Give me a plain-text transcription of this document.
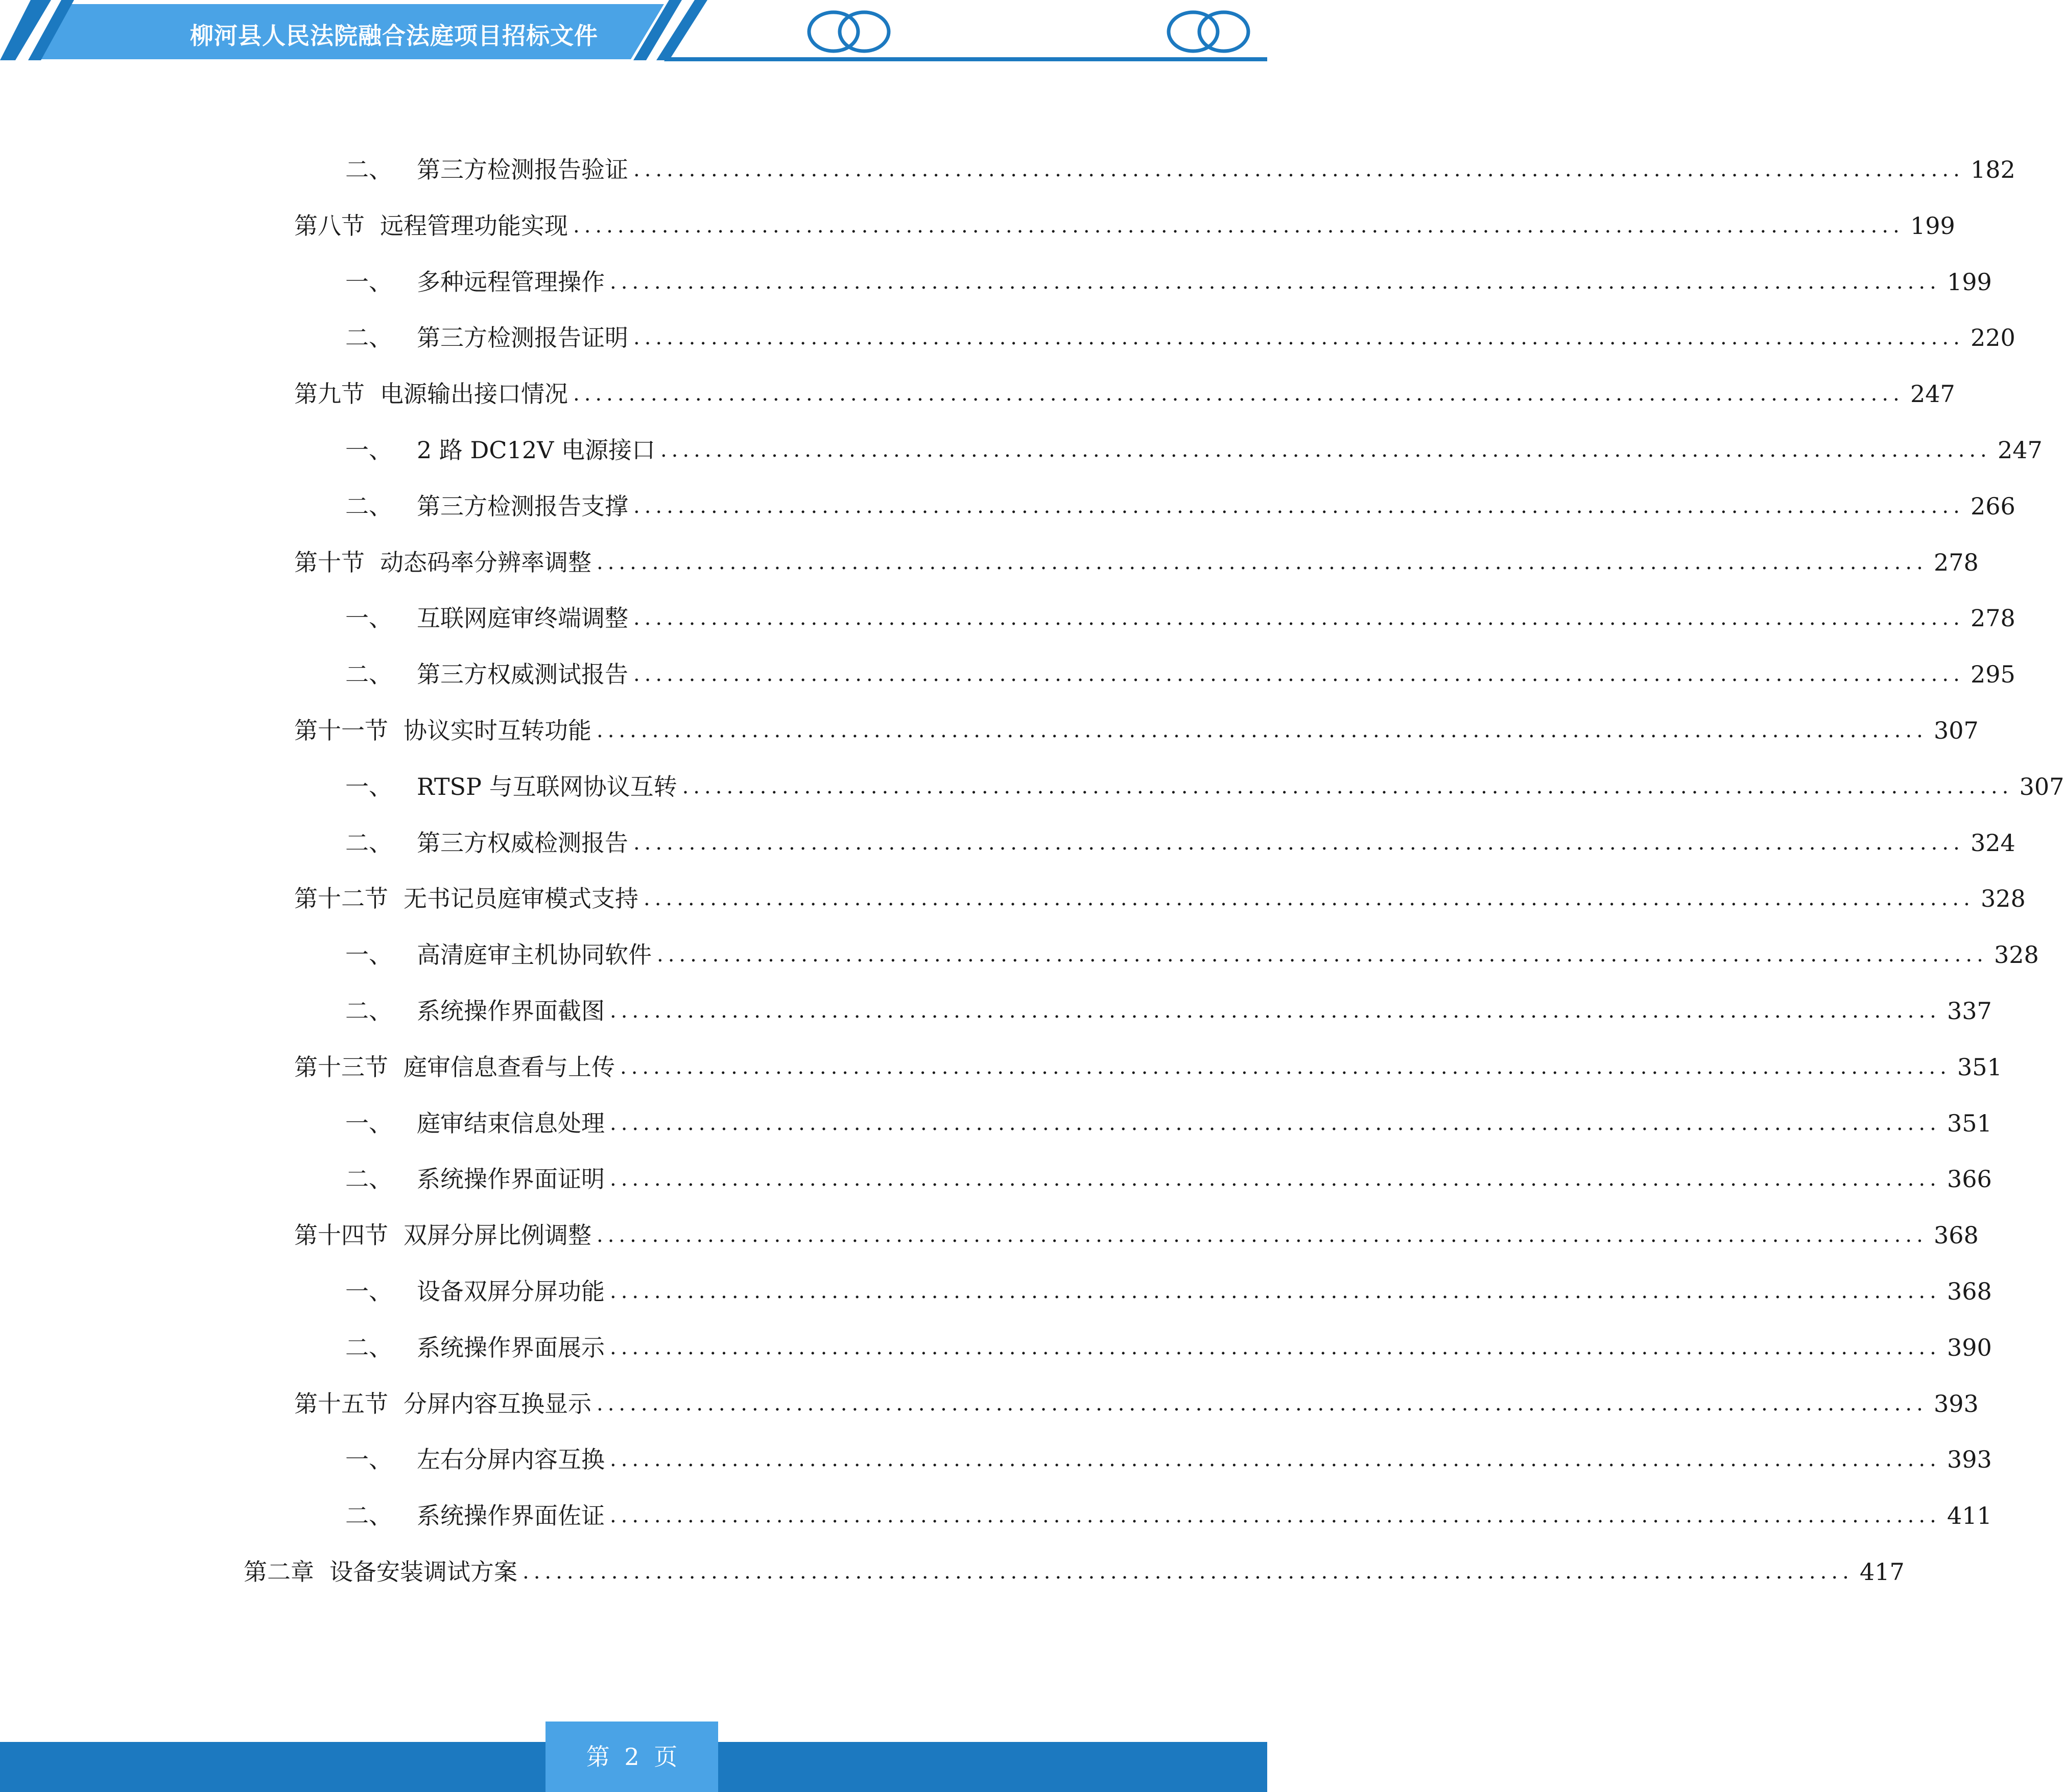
柳河县人民法院融合法庭项目招标文件
二、 第三方检测报告验证 ........................................................................................................................ 182
第八节 远程管理功能实现 ........................................................................................................................ 199
一、 多种远程管理操作 ........................................................................................................................ 199
二、 第三方检测报告证明 ........................................................................................................................ 220
第九节 电源输出接口情况 ........................................................................................................................ 247
一、 2 路 DC12V 电源接口 ........................................................................................................................ 247
二、 第三方检测报告支撑 ........................................................................................................................ 266
第十节 动态码率分辨率调整 ........................................................................................................................ 278
一、 互联网庭审终端调整 ........................................................................................................................ 278
二、 第三方权威测试报告 ........................................................................................................................ 295
第十一节 协议实时互转功能 ........................................................................................................................ 307
一、 RTSP 与互联网协议互转 ........................................................................................................................ 307
二、 第三方权威检测报告 ........................................................................................................................ 324
第十二节 无书记员庭审模式支持 ........................................................................................................................ 328
一、 高清庭审主机协同软件 ........................................................................................................................ 328
二、 系统操作界面截图 ........................................................................................................................ 337
第十三节 庭审信息查看与上传 ........................................................................................................................ 351
一、 庭审结束信息处理 ........................................................................................................................ 351
二、 系统操作界面证明 ........................................................................................................................ 366
第十四节 双屏分屏比例调整 ........................................................................................................................ 368
一、 设备双屏分屏功能 ........................................................................................................................ 368
二、 系统操作界面展示 ........................................................................................................................ 390
第十五节 分屏内容互换显示 ........................................................................................................................ 393
一、 左右分屏内容互换 ........................................................................................................................ 393
二、 系统操作界面佐证 ........................................................................................................................ 411
第二章 设备安装调试方案 ........................................................................................................................ 417
第 2 页
